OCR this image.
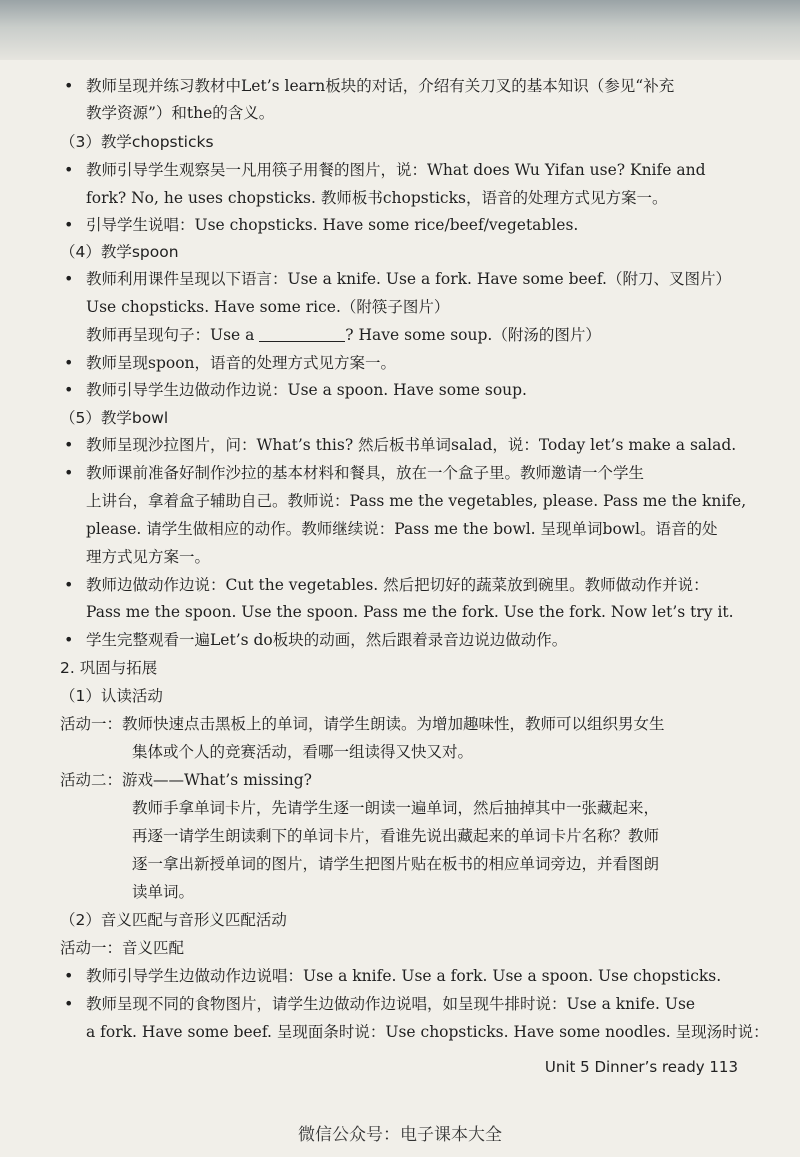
• 教师呈现并练习教材中Let’s learn板块的对话，介绍有关刀叉的基本知识（参见“补充
教学资源”）和the的含义。
（3）教学chopsticks
• 教师引导学生观察吴一凡用筷子用餐的图片，说：What does Wu Yifan use? Knife and
fork? No, he uses chopsticks. 教师板书chopsticks，语音的处理方式见方案一。
• 引导学生说唱：Use chopsticks. Have some rice/beef/vegetables.
（4）教学spoon
• 教师利用课件呈现以下语言：Use a knife. Use a fork. Have some beef.（附刀、叉图片）
Use chopsticks. Have some rice.（附筷子图片）
教师再呈现句子：Use a	? Have some soup.（附汤的图片）
• 教师呈现spoon，语音的处理方式见方案一。
• 教师引导学生边做动作边说：Use a spoon. Have some soup.
（5）教学bowl
• 教师呈现沙拉图片，问：What’s this? 然后板书单词salad，说：Today let’s make a salad.
• 教师课前准备好制作沙拉的基本材料和餐具，放在一个盒子里。教师邀请一个学生
上讲台，拿着盒子辅助自己。教师说：Pass me the vegetables, please. Pass me the knife,
please. 请学生做相应的动作。教师继续说：Pass me the bowl. 呈现单词bowl。语音的处
理方式见方案一。
• 教师边做动作边说：Cut the vegetables. 然后把切好的蔬菜放到碗里。教师做动作并说：
Pass me the spoon. Use the spoon. Pass me the fork. Use the fork. Now let’s try it.
• 学生完整观看一遍Let’s do板块的动画，然后跟着录音边说边做动作。
2. 巩固与拓展
（1）认读活动
活动一：教师快速点击黑板上的单词，请学生朗读。为增加趣味性，教师可以组织男女生
集体或个人的竞赛活动，看哪一组读得又快又对。
活动二：游戏——What’s missing?
教师手拿单词卡片，先请学生逐一朗读一遍单词，然后抽掉其中一张藏起来，
再逐一请学生朗读剩下的单词卡片，看谁先说出藏起来的单词卡片名称？教师
逐一拿出新授单词的图片，请学生把图片贴在板书的相应单词旁边，并看图朗
读单词。
（2）音义匹配与音形义匹配活动
活动一：音义匹配
• 教师引导学生边做动作边说唱：Use a knife. Use a fork. Use a spoon. Use chopsticks.
• 教师呈现不同的食物图片，请学生边做动作边说唱，如呈现牛排时说：Use a knife. Use
a fork. Have some beef. 呈现面条时说：Use chopsticks. Have some noodles. 呈现汤时说：
Unit 5 Dinner’s ready 113
微信公众号：电子课本大全
